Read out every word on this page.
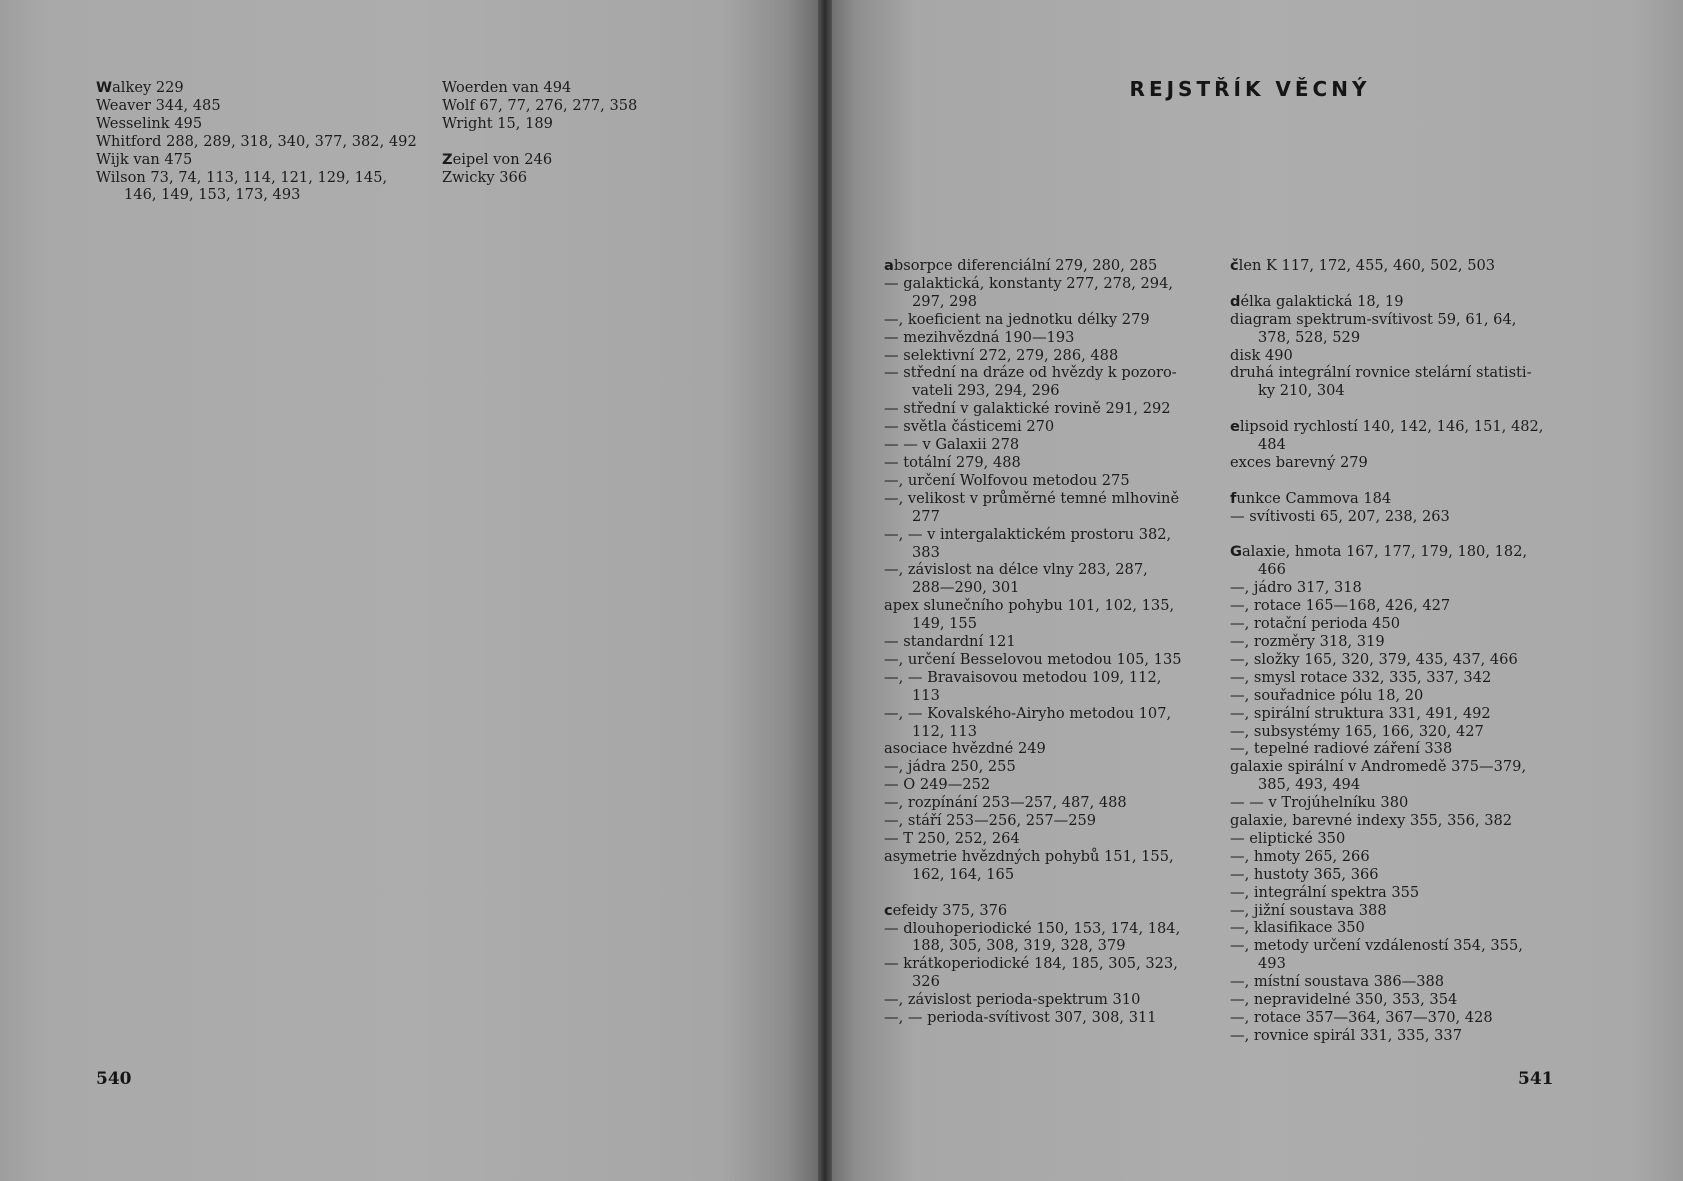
Walkey 229

Weaver 344, 485

Wesselink 495

Whitford 288, 289, 318, 340, 377, 382, 492

Wijk van 475

Wilson 73, 74, 113, 114, 121, 129, 145,
146, 149, 153, 173, 493

Woerden van 494

Wolf 67, 77, 276, 277, 358

Wright 15, 189

Zeipel von 246

Zwicky 366

540
REJSTŘÍK VĚCNÝ

absorpce diferenciální 279, 280, 285

— galaktická, konstanty 277, 278, 294,
297, 298

—, koeficient na jednotku délky 279

— mezihvězdná 190—193

— selektivní 272, 279, 286, 488

— střední na dráze od hvězdy k pozoro-
vateli 293, 294, 296

— střední v galaktické rovině 291, 292

— světla částicemi 270

— — v Galaxii 278

— totální 279, 488

—, určení Wolfovou metodou 275

—, velikost v průměrné temné mlhovině
277

—, — v intergalaktickém prostoru 382,
383

—, závislost na délce vlny 283, 287,
288—290, 301

apex slunečního pohybu 101, 102, 135,
149, 155

— standardní 121

—, určení Besselovou metodou 105, 135

—, — Bravaisovou metodou 109, 112,
113

—, — Kovalského-Airyho metodou 107,
112, 113

asociace hvězdné 249

—, jádra 250, 255

— O 249—252

—, rozpínání 253—257, 487, 488

—, stáří 253—256, 257—259

— T 250, 252, 264

asymetrie hvězdných pohybů 151, 155,
162, 164, 165

cefeidy 375, 376

— dlouhoperiodické 150, 153, 174, 184,
188, 305, 308, 319, 328, 379

— krátkoperiodické 184, 185, 305, 323,
326

—, závislost perioda-spektrum 310

—, — perioda-svítivost 307, 308, 311

člen K 117, 172, 455, 460, 502, 503

délka galaktická 18, 19

diagram spektrum-svítivost 59, 61, 64,
378, 528, 529

disk 490

druhá integrální rovnice stelární statisti-
ky 210, 304

elipsoid rychlostí 140, 142, 146, 151, 482,
484

exces barevný 279

funkce Cammova 184

— svítivosti 65, 207, 238, 263

Galaxie, hmota 167, 177, 179, 180, 182,
466

—, jádro 317, 318

—, rotace 165—168, 426, 427

—, rotační perioda 450

—, rozměry 318, 319

—, složky 165, 320, 379, 435, 437, 466

—, smysl rotace 332, 335, 337, 342

—, souřadnice pólu 18, 20

—, spirální struktura 331, 491, 492

—, subsystémy 165, 166, 320, 427

—, tepelné radiové záření 338

galaxie spirální v Andromedě 375—379,
385, 493, 494

— — v Trojúhelníku 380

galaxie, barevné indexy 355, 356, 382

— eliptické 350

—, hmoty 265, 266

—, hustoty 365, 366

—, integrální spektra 355

—, jižní soustava 388

—, klasifikace 350

—, metody určení vzdáleností 354, 355,
493

—, místní soustava 386—388

—, nepravidelné 350, 353, 354

—, rotace 357—364, 367—370, 428

—, rovnice spirál 331, 335, 337

541
